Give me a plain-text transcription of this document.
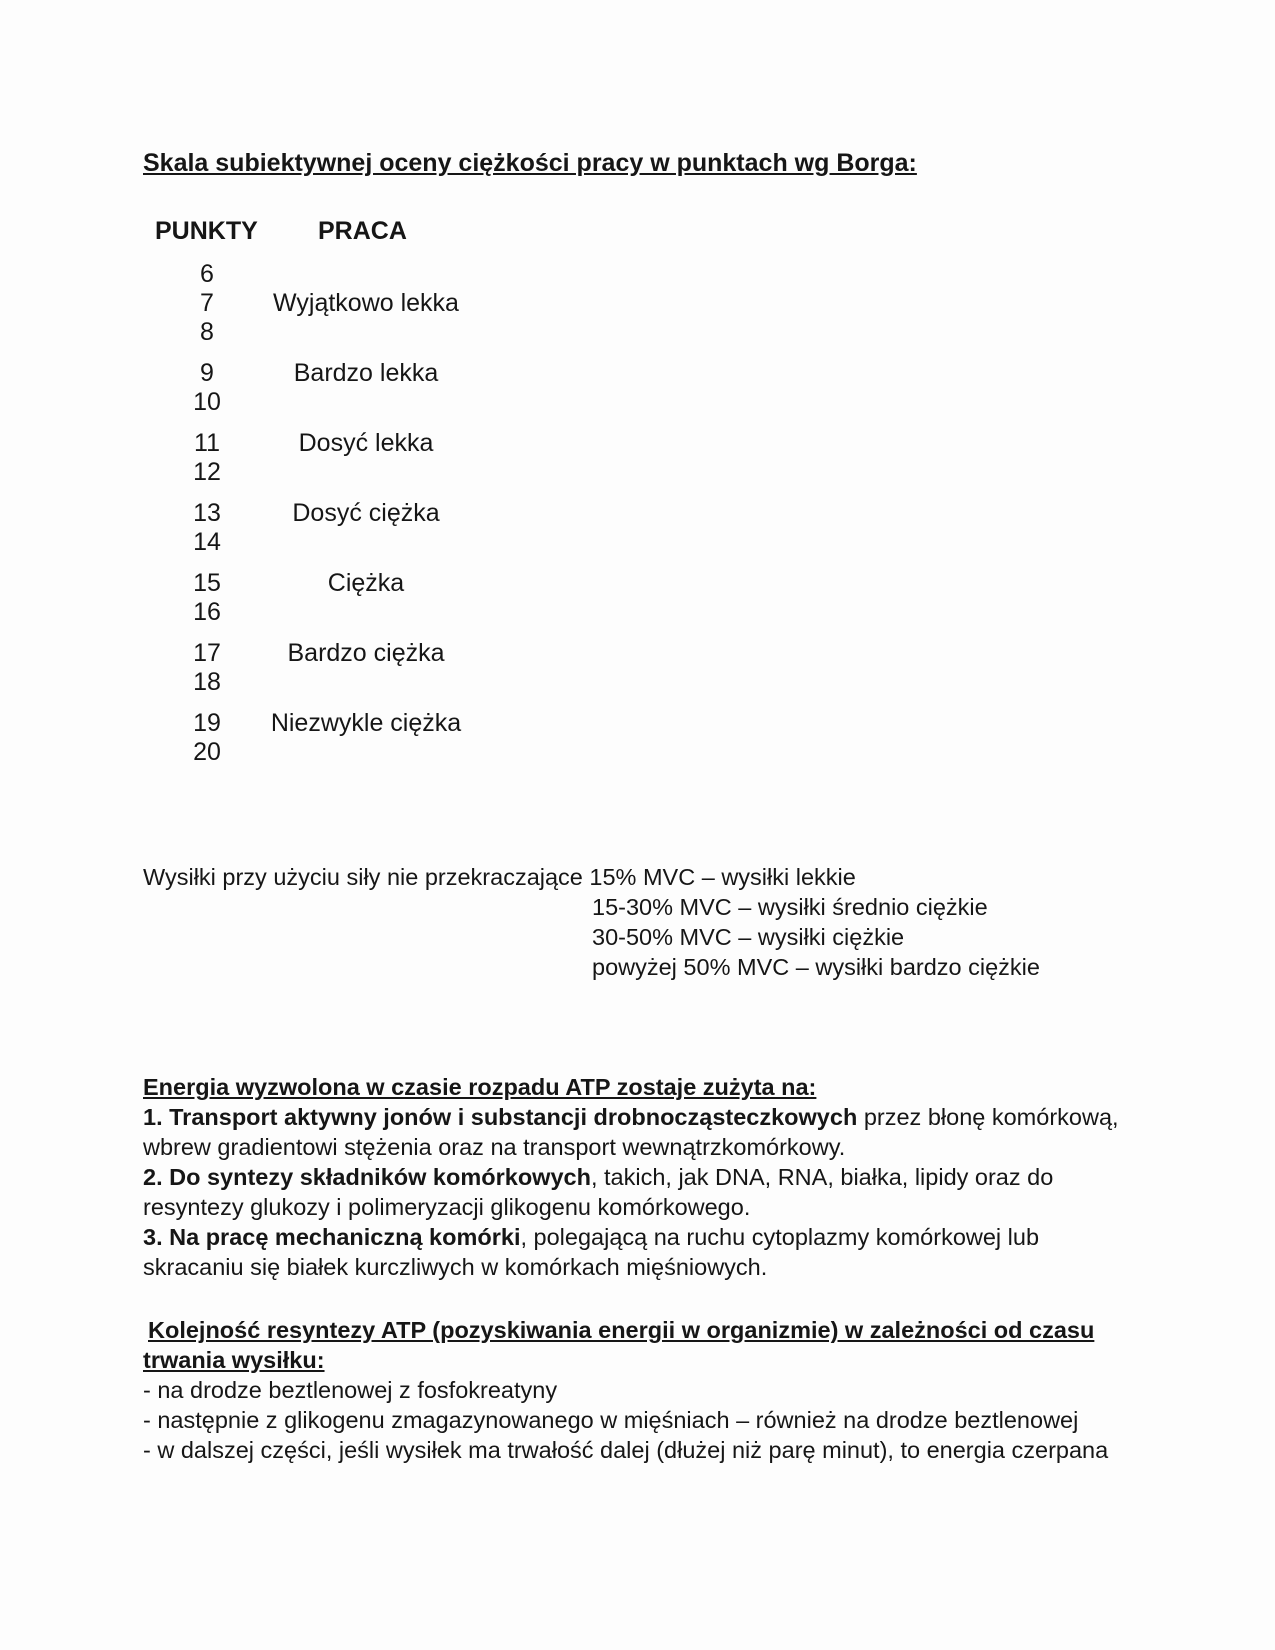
Skala subiektywnej oceny ciężkości pracy w punktach wg Borga:
PUNKTY PRACA
6
7
8
Wyjątkowo lekka
9
10
Bardzo lekka
11
12
Dosyć lekka
13
14
Dosyć ciężka
15
16
Ciężka
17
18
Bardzo ciężka
19
20
Niezwykle ciężka
Wysiłki przy użyciu siły nie przekraczające 15% MVC – wysiłki lekkie
15-30% MVC – wysiłki średnio ciężkie
30-50% MVC – wysiłki ciężkie
powyżej 50% MVC – wysiłki bardzo ciężkie
Energia wyzwolona w czasie rozpadu ATP zostaje zużyta na:
1. Transport aktywny jonów i substancji drobnocząsteczkowych przez błonę komórkową,
wbrew gradientowi stężenia oraz na transport wewnątrzkomórkowy.
2. Do syntezy składników komórkowych, takich, jak DNA, RNA, białka, lipidy oraz do
resyntezy glukozy i polimeryzacji glikogenu komórkowego.
3. Na pracę mechaniczną komórki, polegającą na ruchu cytoplazmy komórkowej lub
skracaniu się białek kurczliwych w komórkach mięśniowych.
Kolejność resyntezy ATP (pozyskiwania energii w organizmie) w zależności od czasu
trwania wysiłku:
- na drodze beztlenowej z fosfokreatyny
- następnie z glikogenu zmagazynowanego w mięśniach – również na drodze beztlenowej
- w dalszej części, jeśli wysiłek ma trwałość dalej (dłużej niż parę minut), to energia czerpana
